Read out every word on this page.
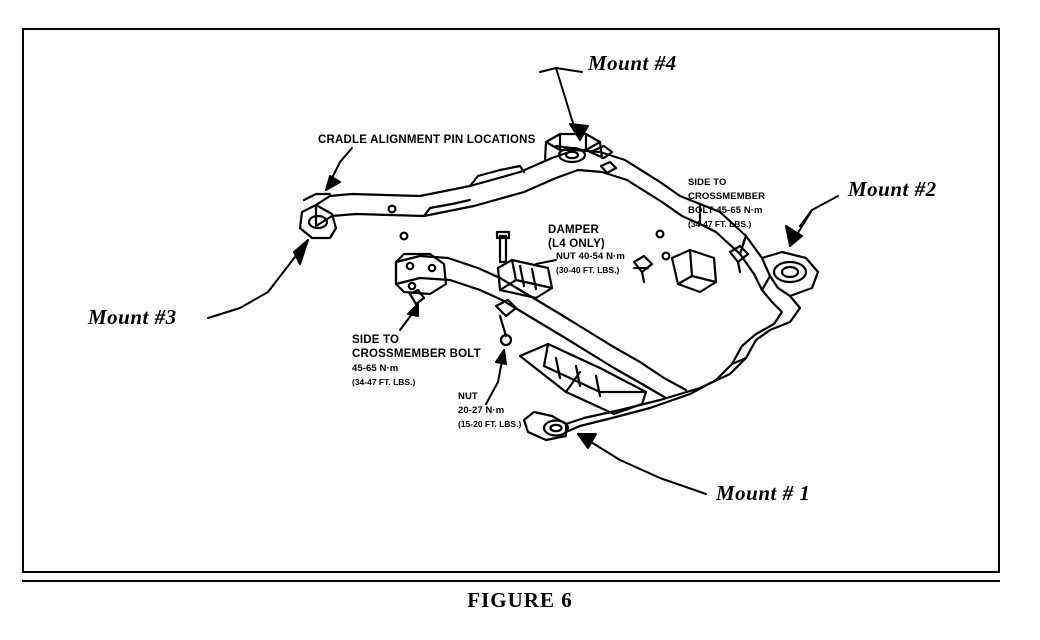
Mount #4
Mount #2
Mount #3
Mount # 1
CRADLE ALIGNMENT PIN LOCATIONS
DAMPER
(L4 ONLY)
SIDE TO
CROSSMEMBER
BOLT 45-65 N·m
(34-47 FT. LBS.)
NUT 40-54 N·m
(30-40 FT. LBS.)
SIDE TO
CROSSMEMBER BOLT
45-65 N·m
(34-47 FT. LBS.)
NUT
20-27 N·m
(15-20 FT. LBS.)
FIGURE 6
